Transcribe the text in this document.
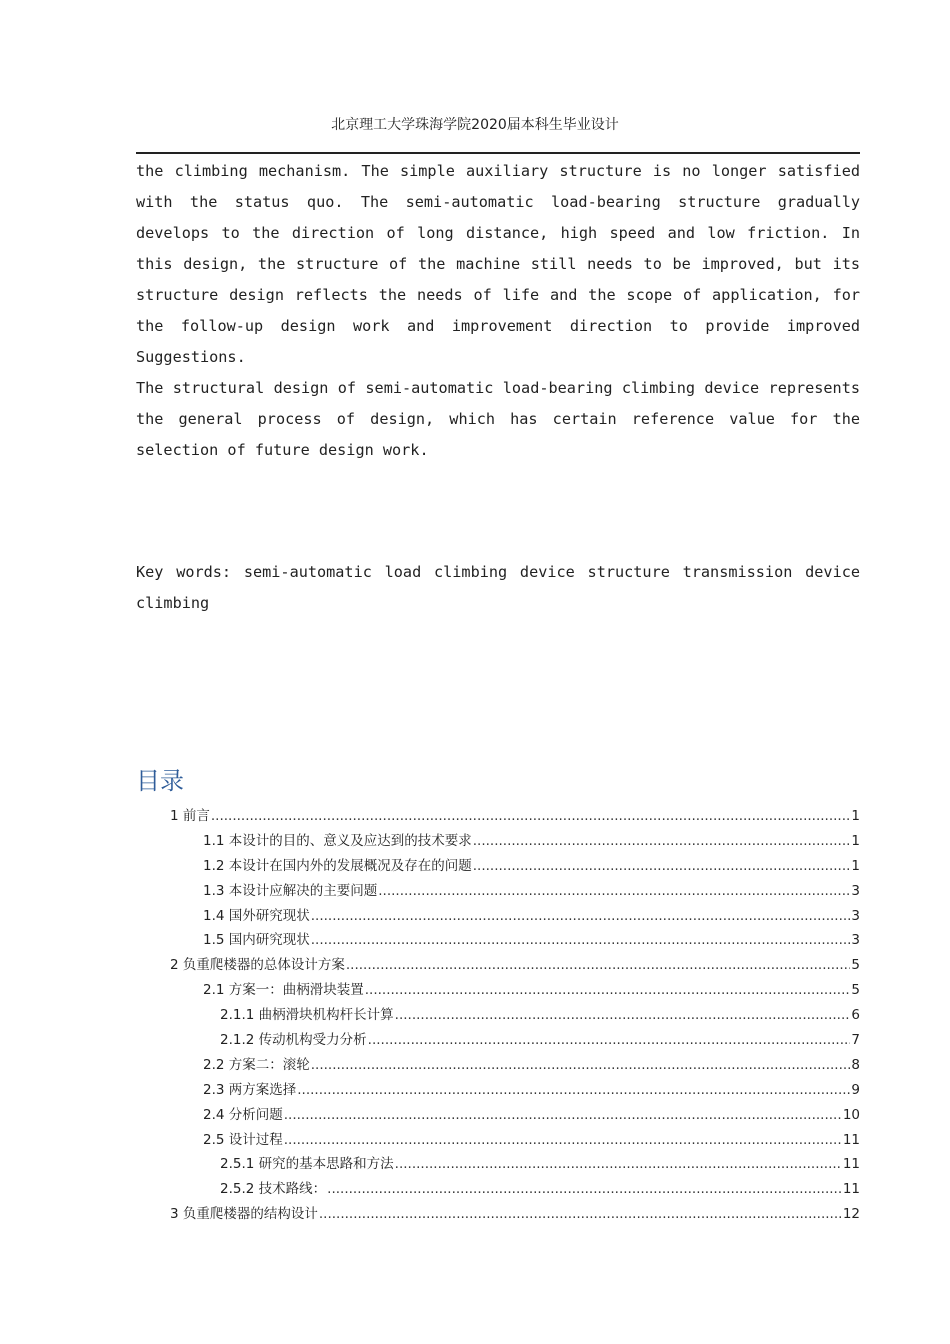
北京理工大学珠海学院2020届本科生毕业设计
the climbing mechanism. The simple auxiliary structure is no longer satisfied with the status quo. The semi-automatic load-bearing structure gradually develops to the direction of long distance, high speed and low friction. In this design, the structure of the machine still needs to be improved, but its structure design reflects the needs of life and the scope of application, for the follow-up design work and improvement direction to provide improved Suggestions.
The structural design of semi-automatic load-bearing climbing device represents the general process of design, which has certain reference value for the selection of future design work.
Key words: semi-automatic load climbing device structure transmission device climbing
目录
1 前言 .....	1
1.1 本设计的目的、意义及应达到的技术要求 .....	1
1.2 本设计在国内外的发展概况及存在的问题 .....	1
1.3 本设计应解决的主要问题 .....	3
1.4 国外研究现状 .....	3
1.5 国内研究现状 .....	3
2 负重爬楼器的总体设计方案 .....	5
2.1 方案一：曲柄滑块装置 .....	5
2.1.1 曲柄滑块机构杆长计算 .....	6
2.1.2 传动机构受力分析 .....	7
2.2 方案二：滚轮 .....	8
2.3 两方案选择 .....	9
2.4 分析问题 .....	10
2.5 设计过程 .....	11
2.5.1 研究的基本思路和方法 .....	11
2.5.2 技术路线： .....	11
3 负重爬楼器的结构设计 .....	12
